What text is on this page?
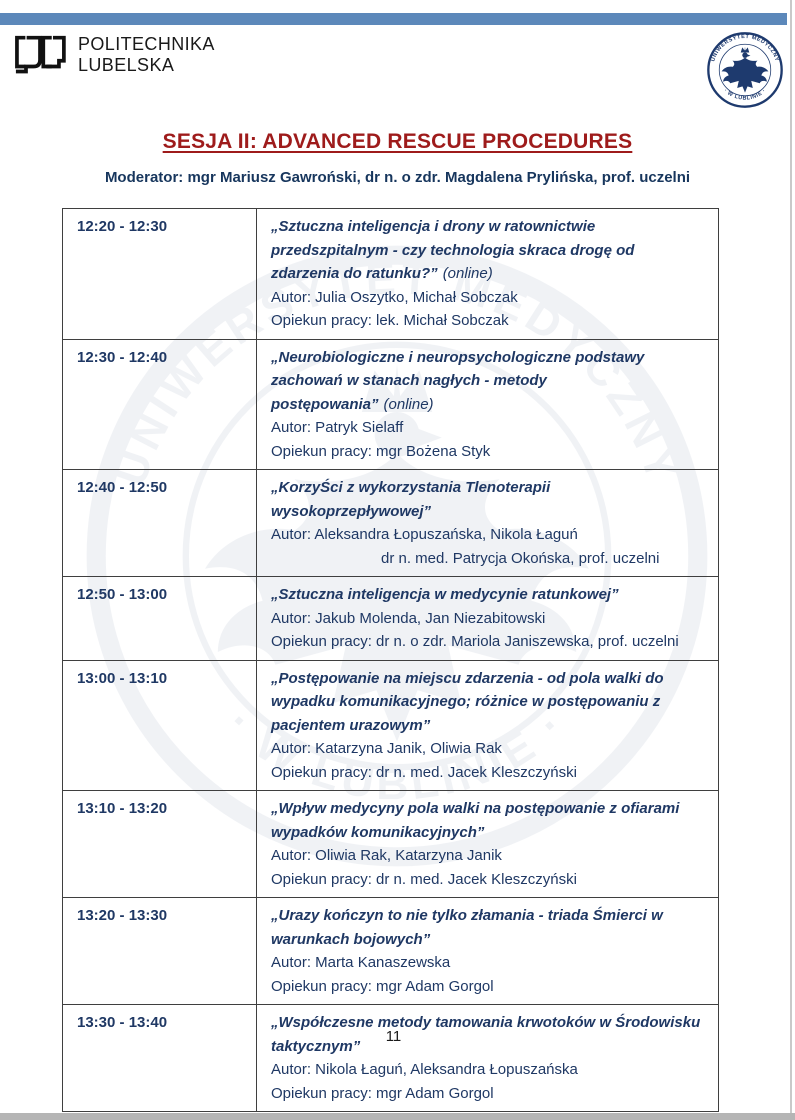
POLITECHNIKA
LUBELSKA
SESJA II: ADVANCED RESCUE PROCEDURES
Moderator: mgr Mariusz Gawroński, dr n. o zdr. Magdalena Prylińska, prof. uczelni
12:20 - 12:30	„Sztuczna inteligencja i drony w ratownictwie przedszpitalnym - czy technologia skraca drogę od zdarzenia do ratunku?” (online)
Autor: Julia Oszytko, Michał Sobczak
Opiekun pracy: lek. Michał Sobczak

12:30 - 12:40	„Neurobiologiczne i neuropsychologiczne podstawy zachowań w stanach nagłych - metody postępowania” (online)
Autor: Patryk Sielaff
Opiekun pracy: mgr Bożena Styk

12:40 - 12:50	„KorzyŚci z wykorzystania Tlenoterapii wysokoprzepływowej”
Autor: Aleksandra Łopuszańska, Nikola Łaguń
dr n. med. Patrycja Okońska, prof. uczelni

12:50 - 13:00	„Sztuczna inteligencja w medycynie ratunkowej”
Autor: Jakub Molenda, Jan Niezabitowski
Opiekun pracy: dr n. o zdr. Mariola Janiszewska, prof. uczelni

13:00 - 13:10	„Postępowanie na miejscu zdarzenia - od pola walki do wypadku komunikacyjnego; różnice w postępowaniu z pacjentem urazowym”
Autor: Katarzyna Janik, Oliwia Rak
Opiekun pracy: dr n. med. Jacek Kleszczyński

13:10 - 13:20	„Wpływ medycyny pola walki na postępowanie z ofiarami wypadków komunikacyjnych”
Autor: Oliwia Rak, Katarzyna Janik
Opiekun pracy: dr n. med. Jacek Kleszczyński

13:20 - 13:30	„Urazy kończyn to nie tylko złamania - triada Śmierci w warunkach bojowych”
Autor: Marta Kanaszewska
Opiekun pracy: mgr Adam Gorgol

13:30 - 13:40	„Współczesne metody tamowania krwotoków w Środowisku taktycznym”
Autor: Nikola Łaguń, Aleksandra Łopuszańska
Opiekun pracy: mgr Adam Gorgol
11
